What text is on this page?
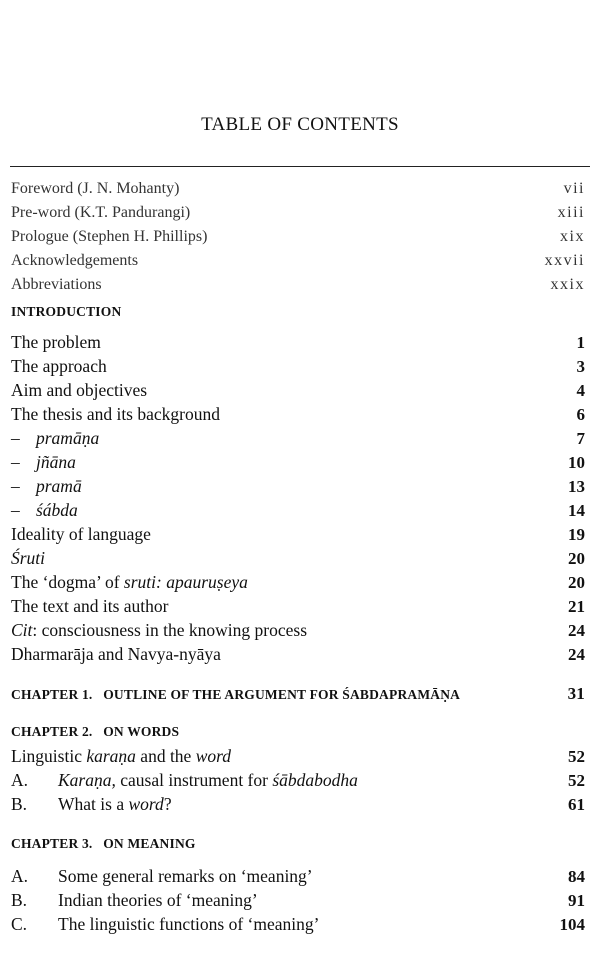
TABLE OF CONTENTS
Foreword (J. N. Mohanty)	vii
Pre-word (K.T. Pandurangi)	xiii
Prologue (Stephen H. Phillips)	xix
Acknowledgements	xxvii
Abbreviations	xxix
INTRODUCTION
The problem	1
The approach	3
Aim and objectives	4
The thesis and its background	6
– pramāṇa	7
– jñāna	10
– pramā	13
– śábda	14
Ideality of language	19
Śruti	20
The ‘dogma’ of sruti: apauruṣeya	20
The text and its author	21
Cit: consciousness in the knowing process	24
Dharmarāja and Navya-nyāya	24
CHAPTER 1.   OUTLINE OF THE ARGUMENT FOR ŚABDAPRAMĀṆA	31
CHAPTER 2.   ON WORDS
Linguistic karaṇa and the word	52
A. Karaṇa, causal instrument for śābdabodha	52
B. What is a word?	61
CHAPTER 3.   ON MEANING
A. Some general remarks on ‘meaning’	84
B. Indian theories of ‘meaning’	91
C. The linguistic functions of ‘meaning’	104
